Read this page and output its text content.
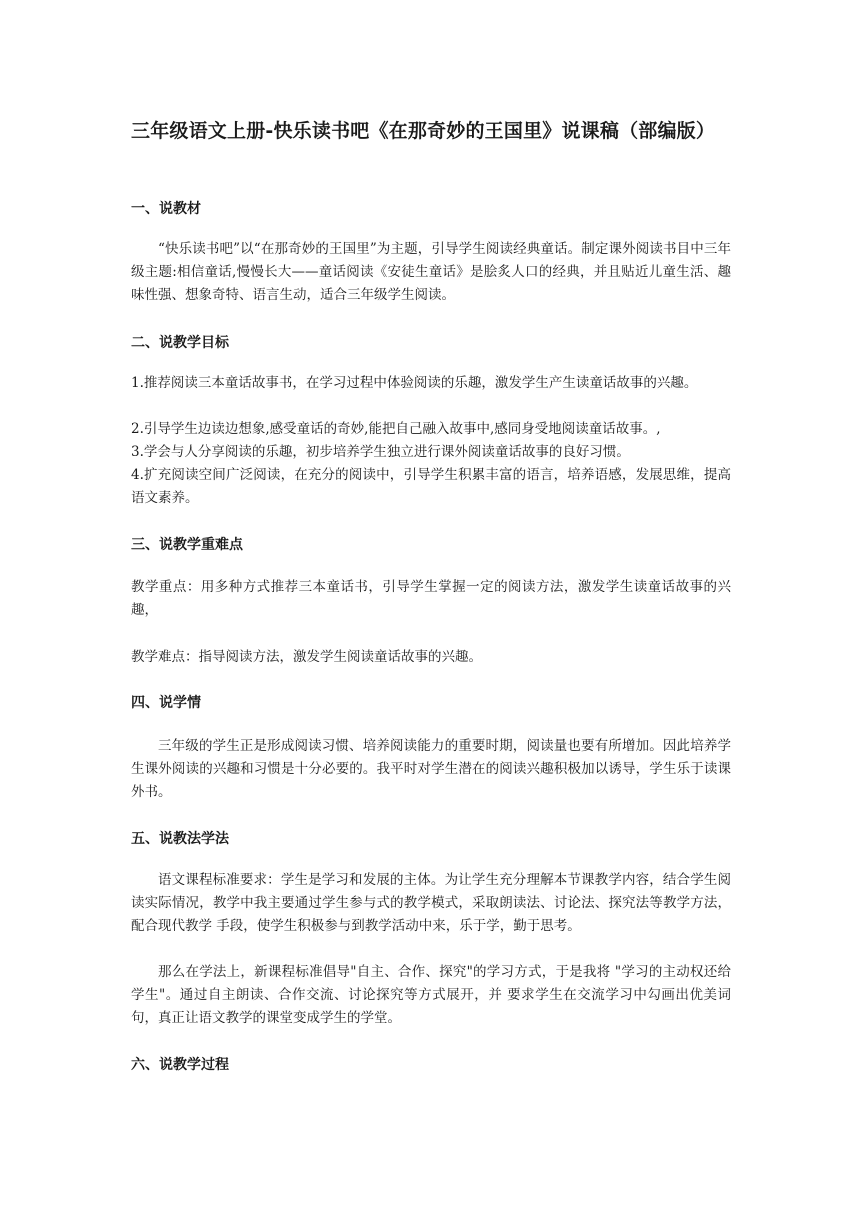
三年级语文上册-快乐读书吧《在那奇妙的王国里》说课稿（部编版）
一、说教材

“快乐读书吧”以“在那奇妙的王国里”为主题，引导学生阅读经典童话。制定课外阅读书目中三年级主题:相信童话,慢慢长大——童话阅读《安徒生童话》是脍炙人口的经典，并且贴近儿童生活、趣味性强、想象奇特、语言生动，适合三年级学生阅读。

二、说教学目标

1.推荐阅读三本童话故事书，在学习过程中体验阅读的乐趣，激发学生产生读童话故事的兴趣。

2.引导学生边读边想象,感受童话的奇妙,能把自己融入故事中,感同身受地阅读童话故事。,

3.学会与人分享阅读的乐趣，初步培养学生独立进行课外阅读童话故事的良好习惯。

4.扩充阅读空间广泛阅读，在充分的阅读中，引导学生积累丰富的语言，培养语感，发展思维，提高语文素养。

三、说教学重难点

教学重点：用多种方式推荐三本童话书，引导学生掌握一定的阅读方法，激发学生读童话故事的兴趣，

教学难点：指导阅读方法，激发学生阅读童话故事的兴趣。

四、说学情

三年级的学生正是形成阅读习惯、培养阅读能力的重要时期，阅读量也要有所增加。因此培养学生课外阅读的兴趣和习惯是十分必要的。我平时对学生潜在的阅读兴趣积极加以诱导，学生乐于读课外书。

五、说教法学法

语文课程标准要求：学生是学习和发展的主体。为让学生充分理解本节课教学内容，结合学生阅读实际情况，教学中我主要通过学生参与式的教学模式，采取朗读法、讨论法、探究法等教学方法，配合现代教学 手段，使学生积极参与到教学活动中来，乐于学，勤于思考。

那么在学法上，新课程标准倡导"自主、合作、探究"的学习方式，于是我将 "学习的主动权还给学生"。通过自主朗读、合作交流、讨论探究等方式展开，并 要求学生在交流学习中勾画出优美词句，真正让语文教学的课堂变成学生的学堂。

六、说教学过程
